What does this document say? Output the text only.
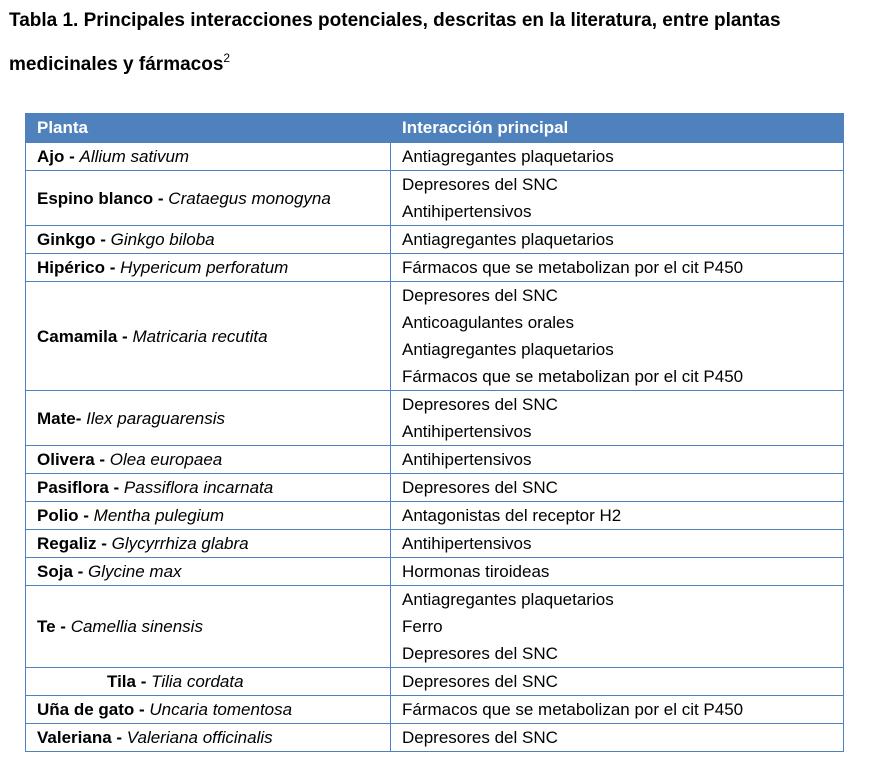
Tabla 1. Principales interacciones potenciales, descritas en la literatura, entre plantas
medicinales y fármacos$^2$
Planta	Interacción principal
Ajo - Allium sativum	Antiagregantes plaquetarios

Espino blanco - Crataegus monogyna	Depresores del SNC
Antihipertensivos

Ginkgo - Ginkgo biloba	Antiagregantes plaquetarios

Hipérico - Hypericum perforatum	Fármacos que se metabolizan por el cit P450

Camamila - Matricaria recutita	Depresores del SNC
Anticoagulantes orales
Antiagregantes plaquetarios
Fármacos que se metabolizan por el cit P450

Mate- Ilex paraguarensis	Depresores del SNC
Antihipertensivos

Olivera - Olea europaea	Antihipertensivos

Pasiflora - Passiflora incarnata	Depresores del SNC

Polio - Mentha pulegium	Antagonistas del receptor H2

Regaliz - Glycyrrhiza glabra	Antihipertensivos

Soja - Glycine max	Hormonas tiroideas

Te - Camellia sinensis	Antiagregantes plaquetarios
Ferro
Depresores del SNC

Tila - Tilia cordata	Depresores del SNC

Uña de gato - Uncaria tomentosa	Fármacos que se metabolizan por el cit P450

Valeriana - Valeriana officinalis	Depresores del SNC
